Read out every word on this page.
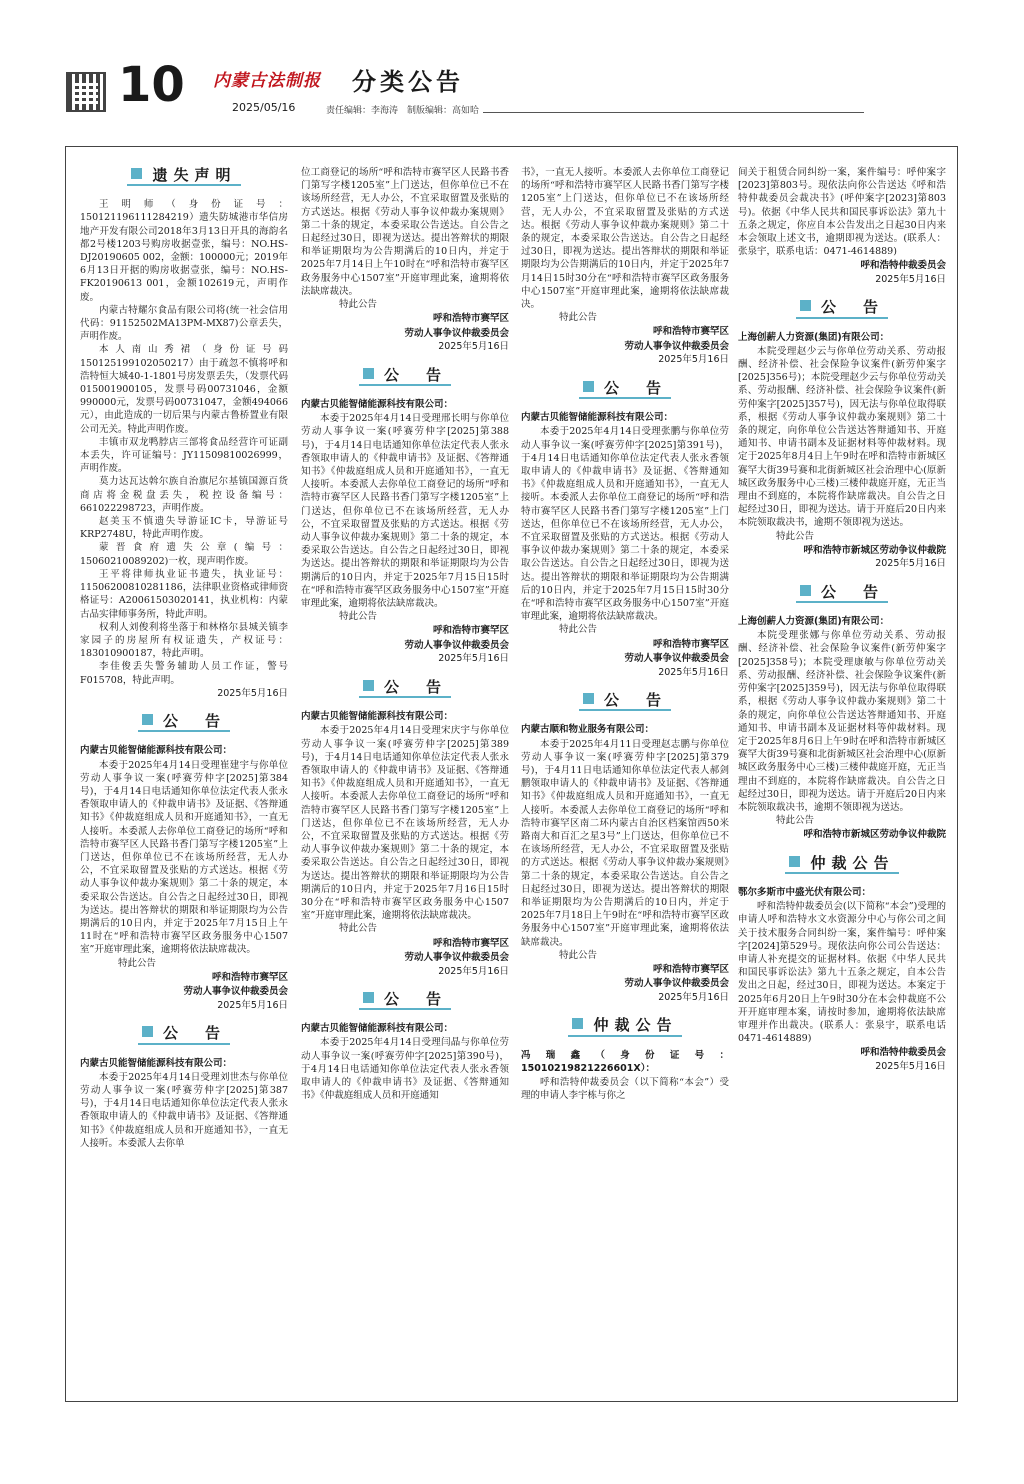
10 内蒙古法制报
2025/05/16
分类公告
责任编辑：李海涛　制版编辑：高如哈
遗失声明

王明师（身份证号：150121196111284219）遗失防城港市华信房地产开发有限公司2018年3月13日开具的海韵名都2号楼1203号购房收据壹张，编号：NO.HS-DJ20190605 002，金额：100000元；2019年6月13日开据的购房收据壹张，编号：NO.HS-FK20190613 001，金额102619元，声明作废。

内蒙古特耀尔食品有限公司将(统一社会信用代码：91152502MA13PM-MX87)公章丢失，声明作废。

本人南山秀裙（身份证号码150125199102050217）由于疏忽不慎将呼和浩特恒大城40-1-1801号房发票丢失，（发票代码015001900105，发票号码00731046，金额990000元，发票号码00731047，金额494066元），由此造成的一切后果与内蒙古鲁桥置业有限公司无关。特此声明作废。

丰镇市双龙鸭脖店三部将食品经营许可证副本丢失，许可证编号：JY11509810026999，声明作废。

莫力达瓦达斡尔族自治旗尼尔基镇国源百货商店将金税盘丢失，税控设备编号：661022298723，声明作废。

赵美玉不慎遗失导游证IC卡，导游证号KRP2748U，特此声明作废。

蒙晋食府遗失公章(编号：15060210089202)一枚，现声明作废。

王平将律师执业证书遗失，执业证号：11506200810281186，法律职业资格或律师资格证号：A20061503020141，执业机构：内蒙古品实律师事务所，特此声明。

权利人刘俊利将坐落于和林格尔县城关镇李家园子的房屋所有权证遗失，产权证号：183010900187，特此声明。

李佳俊丢失警务辅助人员工作证，警号F015708，特此声明。

2025年5月16日

公　告

内蒙古贝能智储能源科技有限公司：

本委于2025年4月14日受理崔建宇与你单位劳动人事争议一案(呼赛劳仲字[2025]第384号)，于4月14日电话通知你单位法定代表人张永香领取申请人的《仲裁申请书》及证据、《答辩通知书》《仲裁庭组成人员和开庭通知书》，一直无人接听。本委派人去你单位工商登记的场所“呼和浩特市赛罕区人民路书香门第写字楼1205室”上门送达，但你单位已不在该场所经营，无人办公，不宜采取留置及张贴的方式送达。根据《劳动人事争议仲裁办案规则》第二十条的规定，本委采取公告送达。自公告之日起经过30日，即视为送达。提出答辩状的期限和举证期限均为公告期满后的10日内，并定于2025年7月15日上午11时在“呼和浩特市赛罕区政务服务中心1507室”开庭审理此案，逾期将依法缺席裁决。

特此公告

呼和浩特市赛罕区

劳动人事争议仲裁委员会

2025年5月16日

公　告

内蒙古贝能智储能源科技有限公司：

本委于2025年4月14日受理刘世杰与你单位劳动人事争议一案(呼赛劳仲字[2025]第387号)，于4月14日电话通知你单位法定代表人张永香领取申请人的《仲裁申请书》及证据、《答辩通知书》《仲裁庭组成人员和开庭通知书》，一直无人接听。本委派人去你单

位工商登记的场所“呼和浩特市赛罕区人民路书香门第写字楼1205室”上门送达，但你单位已不在该场所经营，无人办公，不宜采取留置及张贴的方式送达。根据《劳动人事争议仲裁办案规则》第二十条的规定，本委采取公告送达。自公告之日起经过30日，即视为送达。提出答辩状的期限和举证期限均为公告期满后的10日内，并定于2025年7月14日上午10时在“呼和浩特市赛罕区政务服务中心1507室”开庭审理此案，逾期将依法缺席裁决。

特此公告

呼和浩特市赛罕区

劳动人事争议仲裁委员会

2025年5月16日

公　告

内蒙古贝能智储能源科技有限公司：

本委于2025年4月14日受理邢长明与你单位劳动人事争议一案(呼赛劳仲字[2025]第388号)，于4月14日电话通知你单位法定代表人张永香领取申请人的《仲裁申请书》及证据、《答辩通知书》《仲裁庭组成人员和开庭通知书》，一直无人接听。本委派人去你单位工商登记的场所“呼和浩特市赛罕区人民路书香门第写字楼1205室”上门送达，但你单位已不在该场所经营，无人办公，不宜采取留置及张贴的方式送达。根据《劳动人事争议仲裁办案规则》第二十条的规定，本委采取公告送达。自公告之日起经过30日，即视为送达。提出答辩状的期限和举证期限均为公告期满后的10日内，并定于2025年7月15日15时在“呼和浩特市赛罕区政务服务中心1507室”开庭审理此案，逾期将依法缺席裁决。

特此公告

呼和浩特市赛罕区

劳动人事争议仲裁委员会

2025年5月16日

公　告

内蒙古贝能智储能源科技有限公司：

本委于2025年4月14日受理宋庆宇与你单位劳动人事争议一案(呼赛劳仲字[2025]第389号)，于4月14日电话通知你单位法定代表人张永香领取申请人的《仲裁申请书》及证据、《答辩通知书》《仲裁庭组成人员和开庭通知书》，一直无人接听。本委派人去你单位工商登记的场所“呼和浩特市赛罕区人民路书香门第写字楼1205室”上门送达，但你单位已不在该场所经营，无人办公，不宜采取留置及张贴的方式送达。根据《劳动人事争议仲裁办案规则》第二十条的规定，本委采取公告送达。自公告之日起经过30日，即视为送达。提出答辩状的期限和举证期限均为公告期满后的10日内，并定于2025年7月16日15时30分在“呼和浩特市赛罕区政务服务中心1507室”开庭审理此案，逾期将依法缺席裁决。

特此公告

呼和浩特市赛罕区

劳动人事争议仲裁委员会

2025年5月16日

公　告

内蒙古贝能智储能源科技有限公司：

本委于2025年4月14日受理闫晶与你单位劳动人事争议一案(呼赛劳仲字[2025]第390号)，于4月14日电话通知你单位法定代表人张永香领取申请人的《仲裁申请书》及证据、《答辩通知书》《仲裁庭组成人员和开庭通知

书》，一直无人接听。本委派人去你单位工商登记的场所“呼和浩特市赛罕区人民路书香门第写字楼1205室”上门送达，但你单位已不在该场所经营，无人办公，不宜采取留置及张贴的方式送达。根据《劳动人事争议仲裁办案规则》第二十条的规定，本委采取公告送达。自公告之日起经过30日，即视为送达。提出答辩状的期限和举证期限均为公告期满后的10日内，并定于2025年7月14日15时30分在“呼和浩特市赛罕区政务服务中心1507室”开庭审理此案，逾期将依法缺席裁决。

特此公告

呼和浩特市赛罕区

劳动人事争议仲裁委员会

2025年5月16日

公　告

内蒙古贝能智储能源科技有限公司：

本委于2025年4月14日受理张鹏与你单位劳动人事争议一案(呼赛劳仲字[2025]第391号)，于4月14日电话通知你单位法定代表人张永香领取申请人的《仲裁申请书》及证据、《答辩通知书》《仲裁庭组成人员和开庭通知书》，一直无人接听。本委派人去你单位工商登记的场所“呼和浩特市赛罕区人民路书香门第写字楼1205室”上门送达，但你单位已不在该场所经营，无人办公，不宜采取留置及张贴的方式送达。根据《劳动人事争议仲裁办案规则》第二十条的规定，本委采取公告送达。自公告之日起经过30日，即视为送达。提出答辩状的期限和举证期限均为公告期满后的10日内，并定于2025年7月15日15时30分在“呼和浩特市赛罕区政务服务中心1507室”开庭审理此案，逾期将依法缺席裁决。

特此公告

呼和浩特市赛罕区

劳动人事争议仲裁委员会

2025年5月16日

公　告

内蒙古顺和物业服务有限公司：

本委于2025年4月11日受理赵志鹏与你单位劳动人事争议一案(呼赛劳仲字[2025]第379号)，于4月11日电话通知你单位法定代表人郝剑鹏领取申请人的《仲裁申请书》及证据、《答辩通知书》《仲裁庭组成人员和开庭通知书》，一直无人接听。本委派人去你单位工商登记的场所“呼和浩特市赛罕区南二环内蒙古自治区档案馆西50米路南大和百汇之星3号”上门送达，但你单位已不在该场所经营，无人办公，不宜采取留置及张贴的方式送达。根据《劳动人事争议仲裁办案规则》第二十条的规定，本委采取公告送达。自公告之日起经过30日，即视为送达。提出答辩状的期限和举证期限均为公告期满后的10日内，并定于2025年7月18日上午9时在“呼和浩特市赛罕区政务服务中心1507室”开庭审理此案，逾期将依法缺席裁决。

特此公告

呼和浩特市赛罕区

劳动人事争议仲裁委员会

2025年5月16日

仲裁公告

冯瑞鑫（身份证号：15010219821226601X）：

呼和浩特仲裁委员会（以下简称“本会”）受理的申请人李宇栋与你之

间关于租赁合同纠纷一案，案件编号：呼仲案字[2023]第803号。现依法向你公告送达《呼和浩特仲裁委员会裁决书》(呼仲案字[2023]第803号)。依据《中华人民共和国民事诉讼法》第九十五条之规定，你应自本公告发出之日起30日内来本会领取上述文书，逾期即视为送达。(联系人：张泉宇，联系电话：0471-4614889)

呼和浩特仲裁委员会

2025年5月16日

公　告

上海创薪人力资源(集团)有限公司：

本院受理赵少云与你单位劳动关系、劳动报酬、经济补偿、社会保险争议案件(新劳仲案字[2025]356号)；本院受理赵少云与你单位劳动关系、劳动报酬、经济补偿、社会保险争议案件(新劳仲案字[2025]357号)，因无法与你单位取得联系，根据《劳动人事争议仲裁办案规则》第二十条的规定，向你单位公告送达答辩通知书、开庭通知书、申请书副本及证据材料等仲裁材料。现定于2025年8月4日上午9时在呼和浩特市新城区赛罕大街39号赛和北街新城区社会治理中心(原新城区政务服务中心三楼)三楼仲裁庭开庭，无正当理由不到庭的，本院将作缺席裁决。自公告之日起经过30日，即视为送达。请于开庭后20日内来本院领取裁决书，逾期不领即视为送达。

特此公告

呼和浩特市新城区劳动争议仲裁院

2025年5月16日

公　告

上海创薪人力资源(集团)有限公司：

本院受理张娜与你单位劳动关系、劳动报酬、经济补偿、社会保险争议案件(新劳仲案字[2025]358号)；本院受理康敏与你单位劳动关系、劳动报酬、经济补偿、社会保险争议案件(新劳仲案字[2025]359号)，因无法与你单位取得联系，根据《劳动人事争议仲裁办案规则》第二十条的规定，向你单位公告送达答辩通知书、开庭通知书、申请书副本及证据材料等仲裁材料。现定于2025年8月6日上午9时在呼和浩特市新城区赛罕大街39号赛和北街新城区社会治理中心(原新城区政务服务中心三楼)三楼仲裁庭开庭，无正当理由不到庭的，本院将作缺席裁决。自公告之日起经过30日，即视为送达。请于开庭后20日内来本院领取裁决书，逾期不领即视为送达。

特此公告

呼和浩特市新城区劳动争议仲裁院

仲裁公告

鄂尔多斯市中盛光伏有限公司：

呼和浩特仲裁委员会(以下简称“本会”)受理的申请人呼和浩特水文水资源分中心与你公司之间关于技术服务合同纠纷一案，案件编号：呼仲案字[2024]第529号。现依法向你公司公告送达：申请人补充提交的证据材料。依据《中华人民共和国民事诉讼法》第九十五条之规定，自本公告发出之日起，经过30日，即视为送达。本案定于2025年6月20日上午9时30分在本会仲裁庭不公开开庭审理本案，请按时参加，逾期将依法缺席审理并作出裁决。(联系人：张泉宇，联系电话0471-4614889)

呼和浩特仲裁委员会

2025年5月16日
